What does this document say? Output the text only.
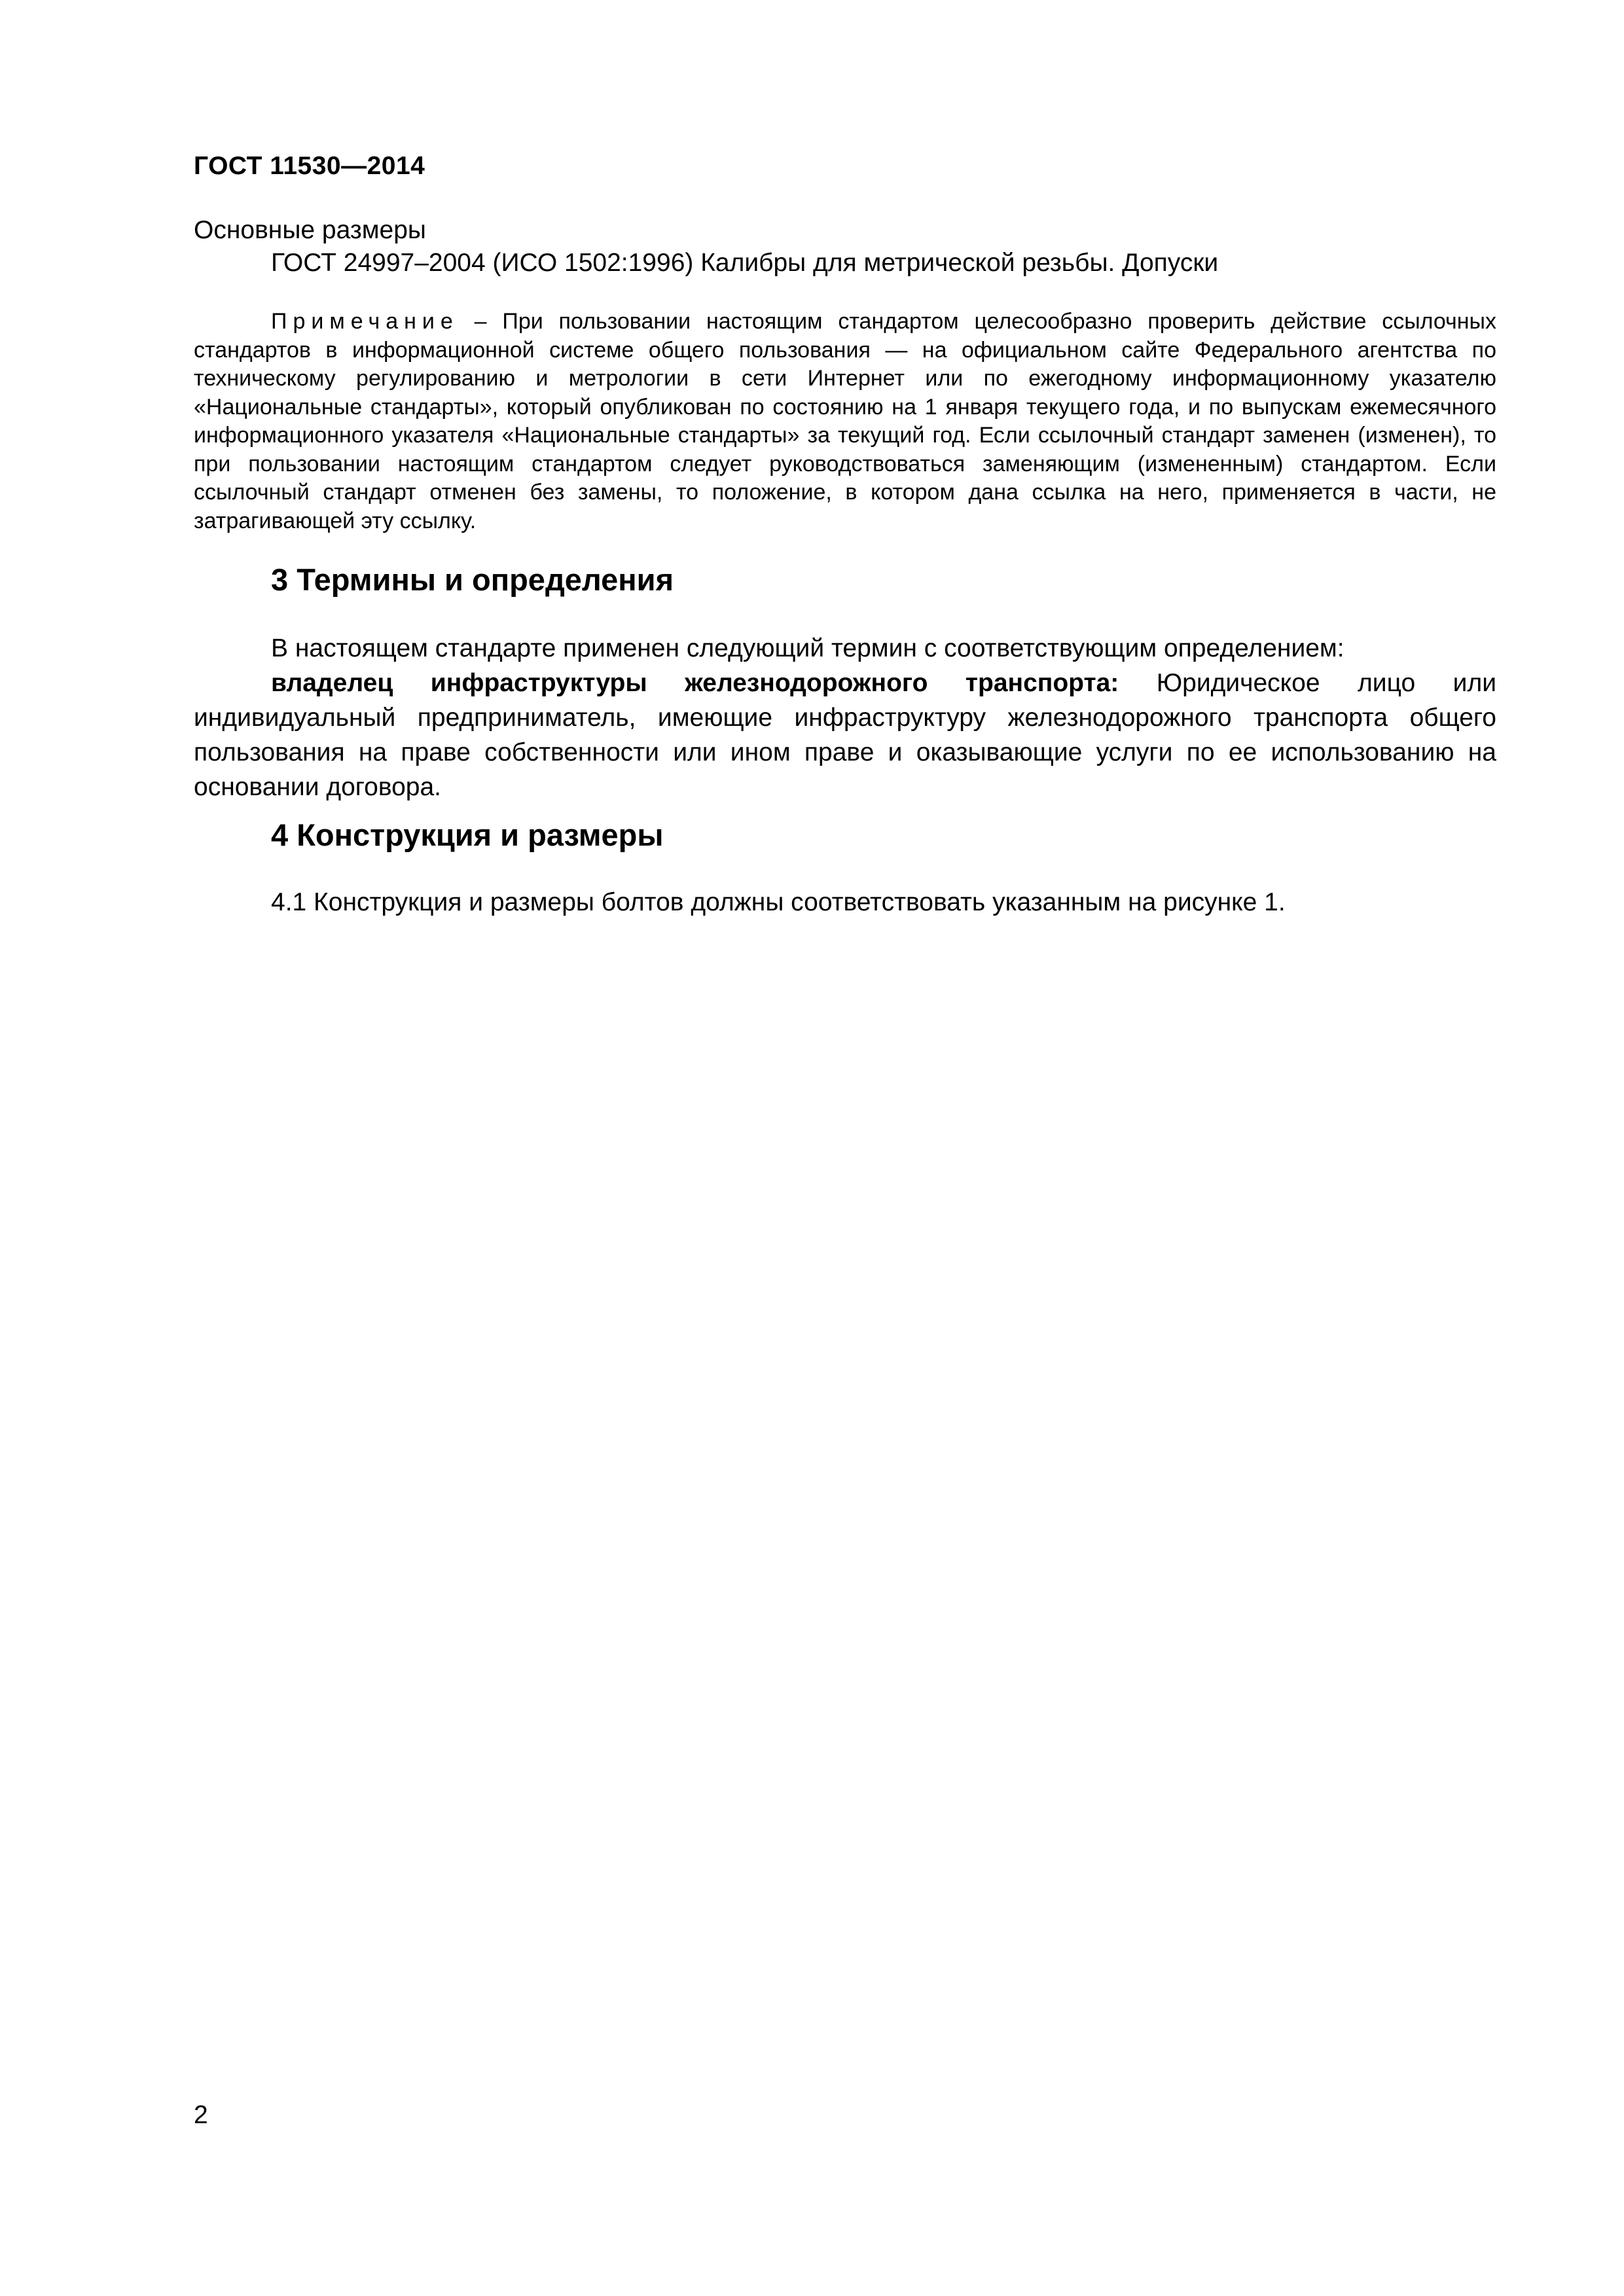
ГОСТ 11530—2014
Основные размеры
ГОСТ 24997–2004 (ИСО 1502:1996) Калибры для метрической резьбы. Допуски
Примечание – При пользовании настоящим стандартом целесообразно проверить действие ссылочных стандартов в информационной системе общего пользования — на официальном сайте Федерального агентства по техническому регулированию и метрологии в сети Интернет или по ежегодному информационному указателю «Национальные стандарты», который опубликован по состоянию на 1 января текущего года, и по выпускам ежемесячного информационного указателя «Национальные стандарты» за текущий год. Если ссылочный стандарт заменен (изменен), то при пользовании настоящим стандартом следует руководствоваться заменяющим (измененным) стандартом. Если ссылочный стандарт отменен без замены, то положение, в котором дана ссылка на него, применяется в части, не затрагивающей эту ссылку.
3 Термины и определения
В настоящем стандарте применен следующий термин с соответствующим определением:
владелец инфраструктуры железнодорожного транспорта: Юридическое лицо или индивидуальный предприниматель, имеющие инфраструктуру железнодорожного транспорта общего пользования на праве собственности или ином праве и оказывающие услуги по ее использованию на основании договора.
4 Конструкция и размеры
4.1 Конструкция и размеры болтов должны соответствовать указанным на рисунке 1.
2
